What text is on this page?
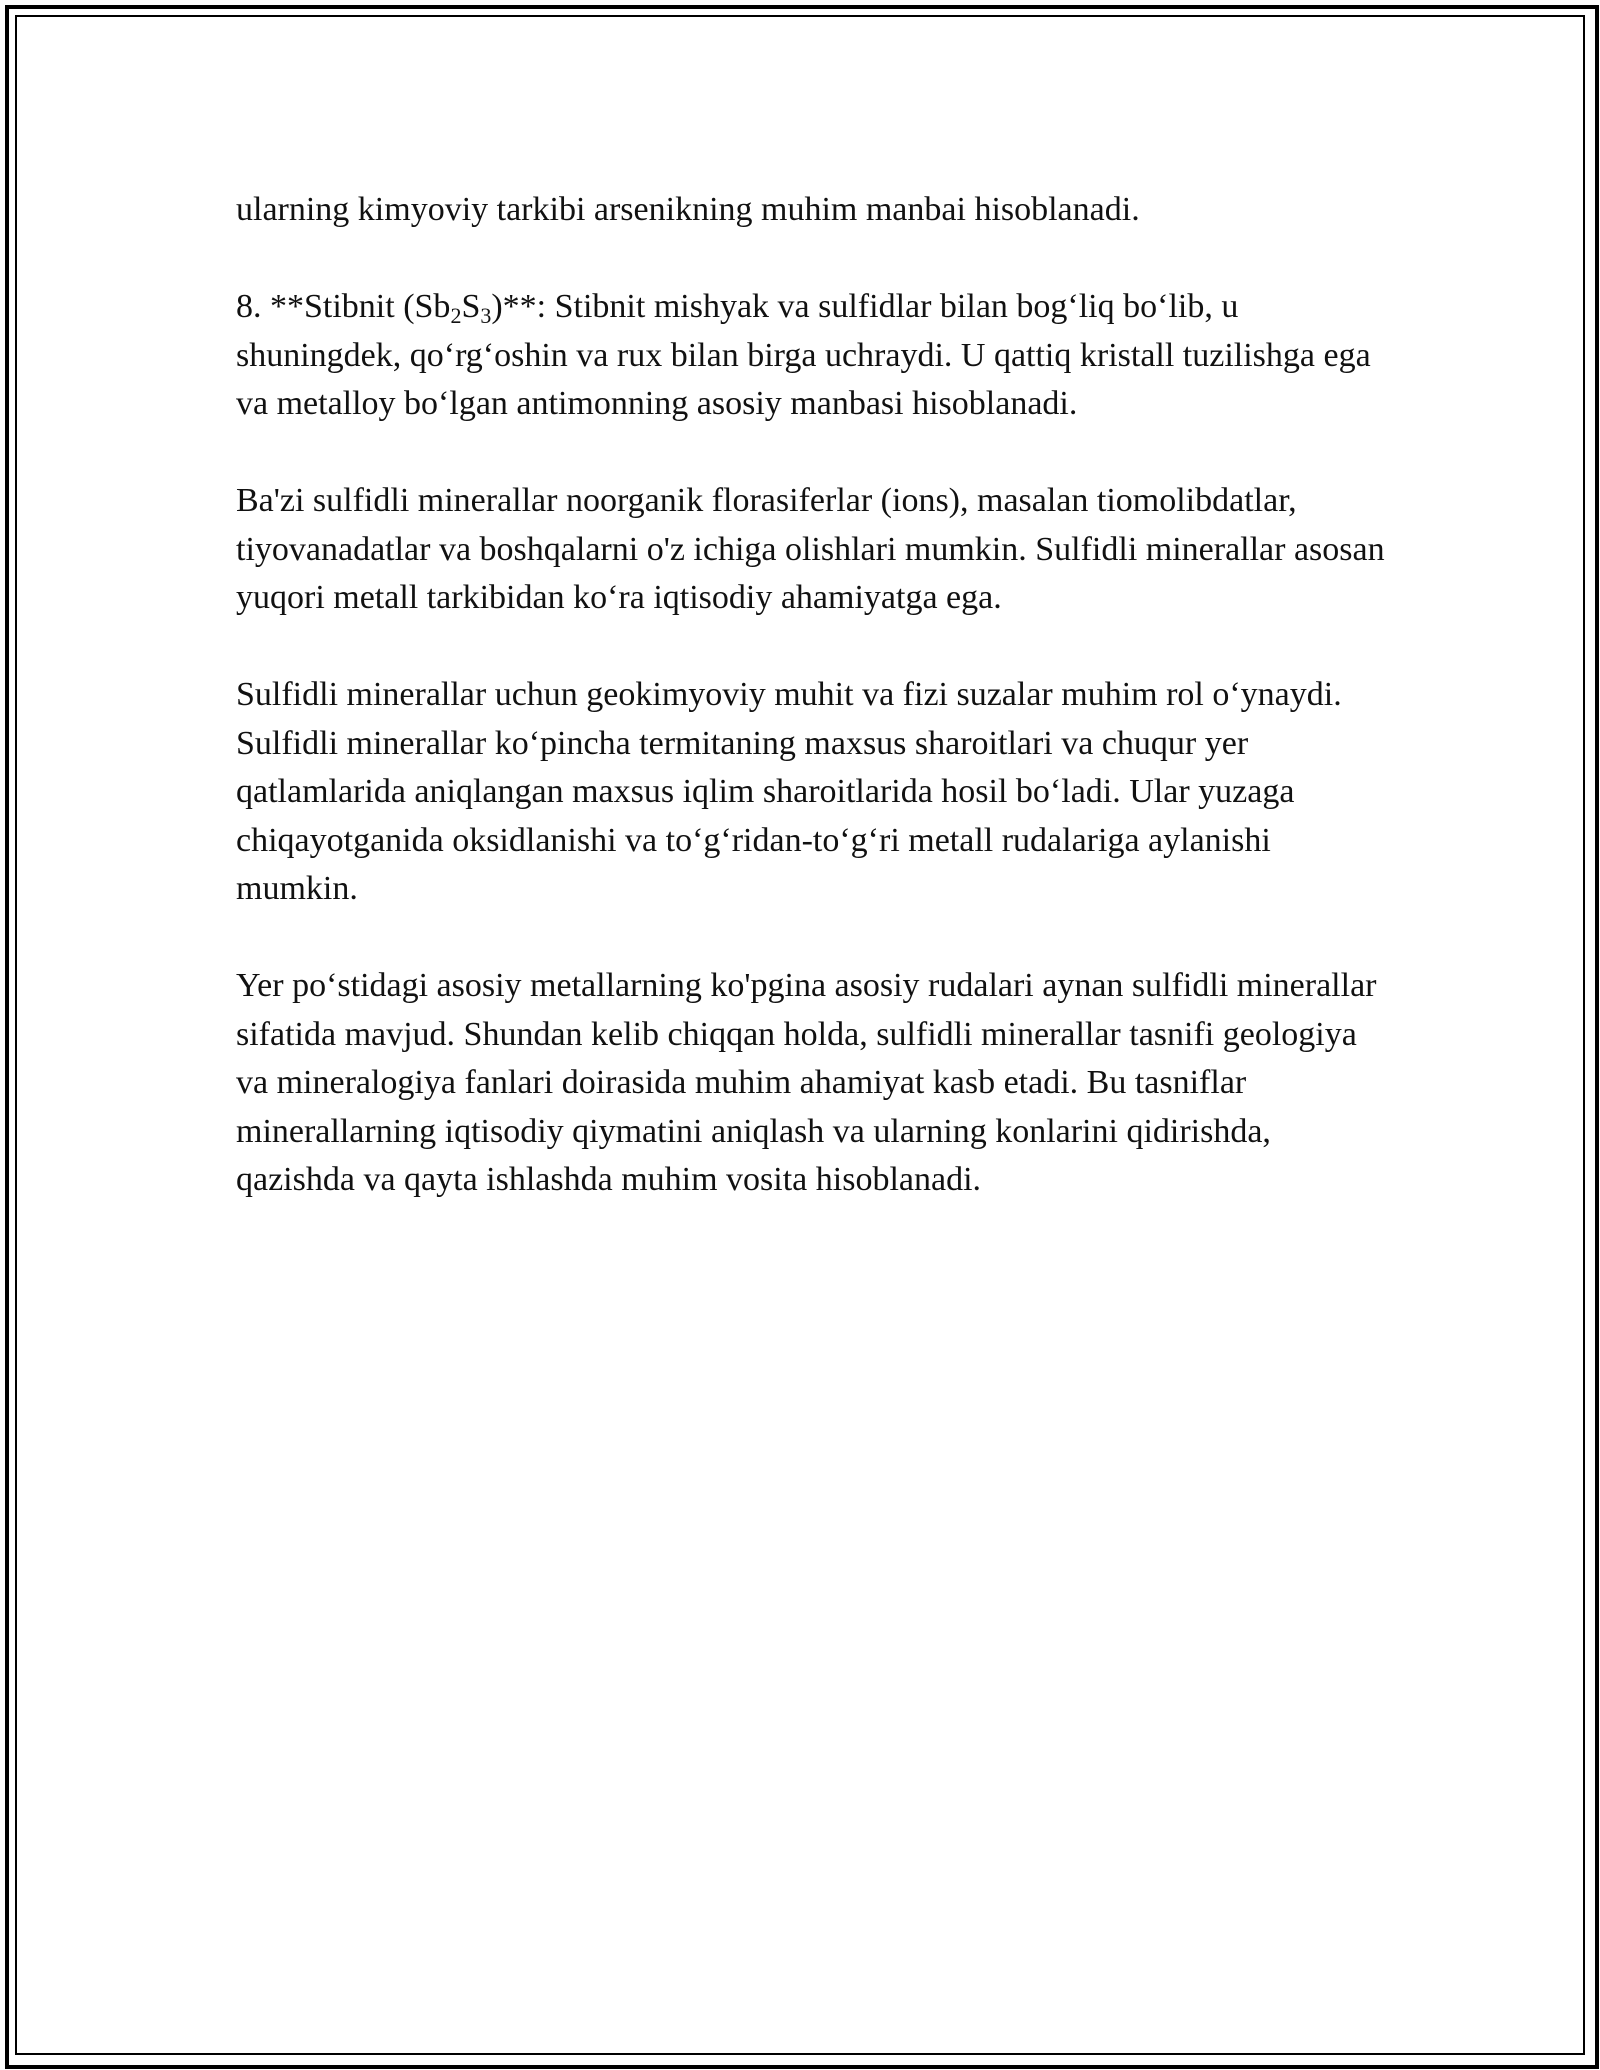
ularning kimyoviy tarkibi arsenikning muhim manbai hisoblanadi.

8. **Stibnit $(Sb_2S_3)**$: Stibnit mishyak va sulfidlar bilan bog‘liq bo‘lib, u shuningdek, qo‘rg‘oshin va rux bilan birga uchraydi. U qattiq kristall tuzilishga ega va metalloy bo‘lgan antimonning asosiy manbasi hisoblanadi.

Ba'zi sulfidli minerallar noorganik florasiferlar (ions), masalan tiomolibdatlar, tiyovanadatlar va boshqalarni o'z ichiga olishlari mumkin. Sulfidli minerallar asosan yuqori metall tarkibidan ko‘ra iqtisodiy ahamiyatga ega.

Sulfidli minerallar uchun geokimyoviy muhit va fizi suzalar muhim rol o‘ynaydi. Sulfidli minerallar ko‘pincha termitaning maxsus sharoitlari va chuqur yer qatlamlarida aniqlangan maxsus iqlim sharoitlarida hosil bo‘ladi. Ular yuzaga chiqayotganida oksidlanishi va to‘g‘ridan-to‘g‘ri metall rudalariga aylanishi mumkin.

Yer po‘stidagi asosiy metallarning ko'pgina asosiy rudalari aynan sulfidli minerallar sifatida mavjud. Shundan kelib chiqqan holda, sulfidli minerallar tasnifi geologiya va mineralogiya fanlari doirasida muhim ahamiyat kasb etadi. Bu tasniflar minerallarning iqtisodiy qiymatini aniqlash va ularning konlarini qidirishda, qazishda va qayta ishlashda muhim vosita hisoblanadi.
